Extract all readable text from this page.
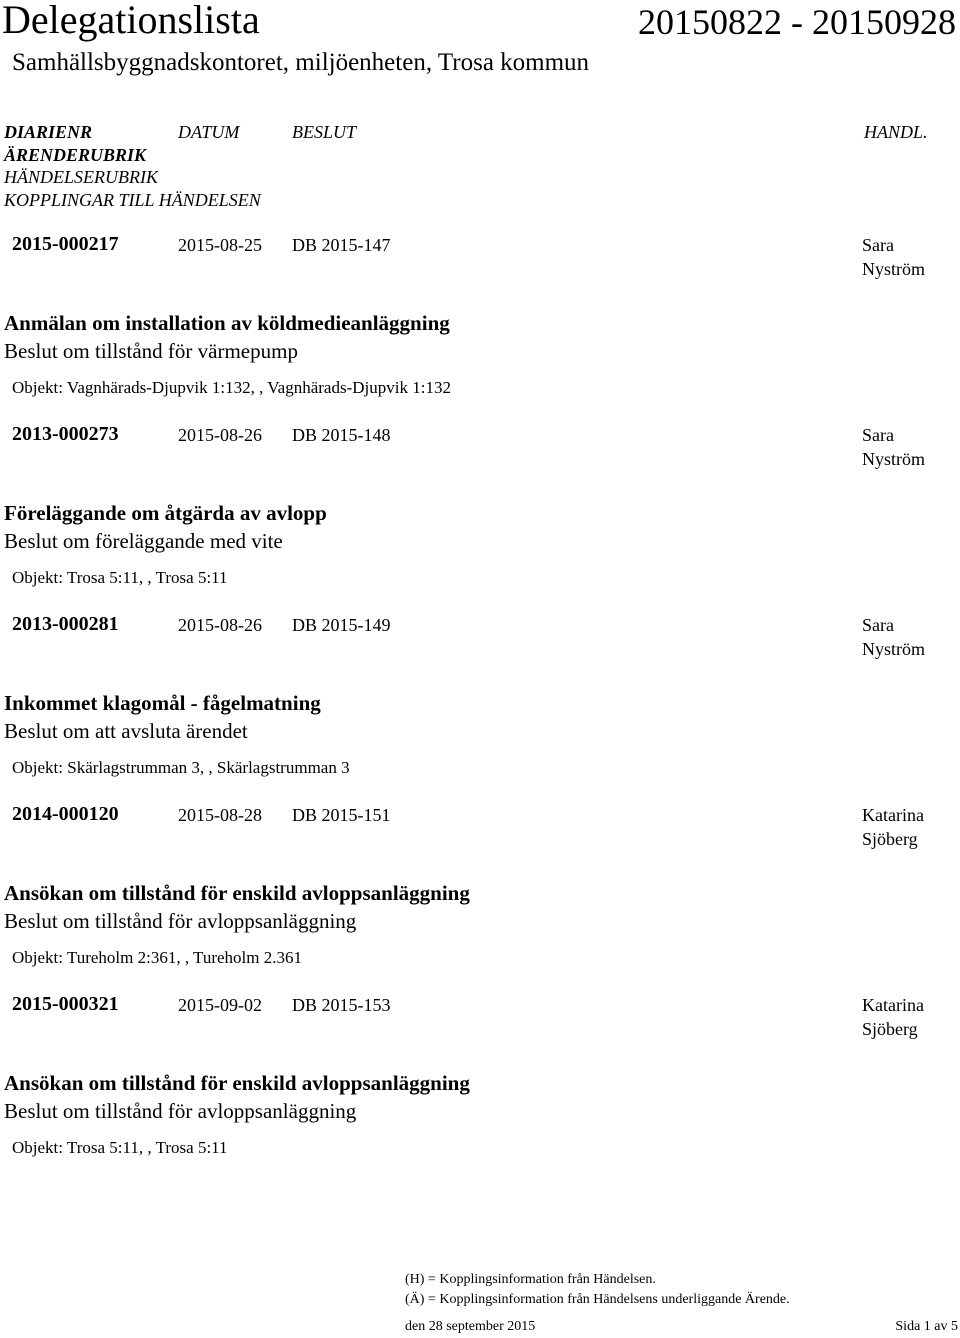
Delegationslista	20150822 - 20150928
Samhällsbyggnadskontoret, miljöenheten, Trosa kommun
DIARIENR	DATUM	BESLUT	HANDL.
ÄRENDERUBRIK
HÄNDELSERUBRIK
KOPPLINGAR TILL HÄNDELSEN
2015-000217	2015-08-25 DB 2015-147	Sara Nyström
Anmälan om installation av köldmedieanläggning
Beslut om tillstånd för värmepump
Objekt: Vagnhärads-Djupvik 1:132, , Vagnhärads-Djupvik 1:132
2013-000273	2015-08-26 DB 2015-148	Sara Nyström
Föreläggande om åtgärda av avlopp
Beslut om föreläggande med vite
Objekt: Trosa 5:11, , Trosa 5:11
2013-000281	2015-08-26 DB 2015-149	Sara Nyström
Inkommet klagomål - fågelmatning
Beslut om att avsluta ärendet
Objekt: Skärlagstrumman 3, , Skärlagstrumman 3
2014-000120	2015-08-28 DB 2015-151	Katarina Sjöberg
Ansökan om tillstånd för enskild avloppsanläggning
Beslut om tillstånd för avloppsanläggning
Objekt: Tureholm 2:361, , Tureholm 2.361
2015-000321	2015-09-02 DB 2015-153	Katarina Sjöberg
Ansökan om tillstånd för enskild avloppsanläggning
Beslut om tillstånd för avloppsanläggning
Objekt: Trosa 5:11, , Trosa 5:11
(H) = Kopplingsinformation från Händelsen.
(Ä) = Kopplingsinformation från Händelsens underliggande Ärende.
den 28 september 2015	Sida 1 av 5
